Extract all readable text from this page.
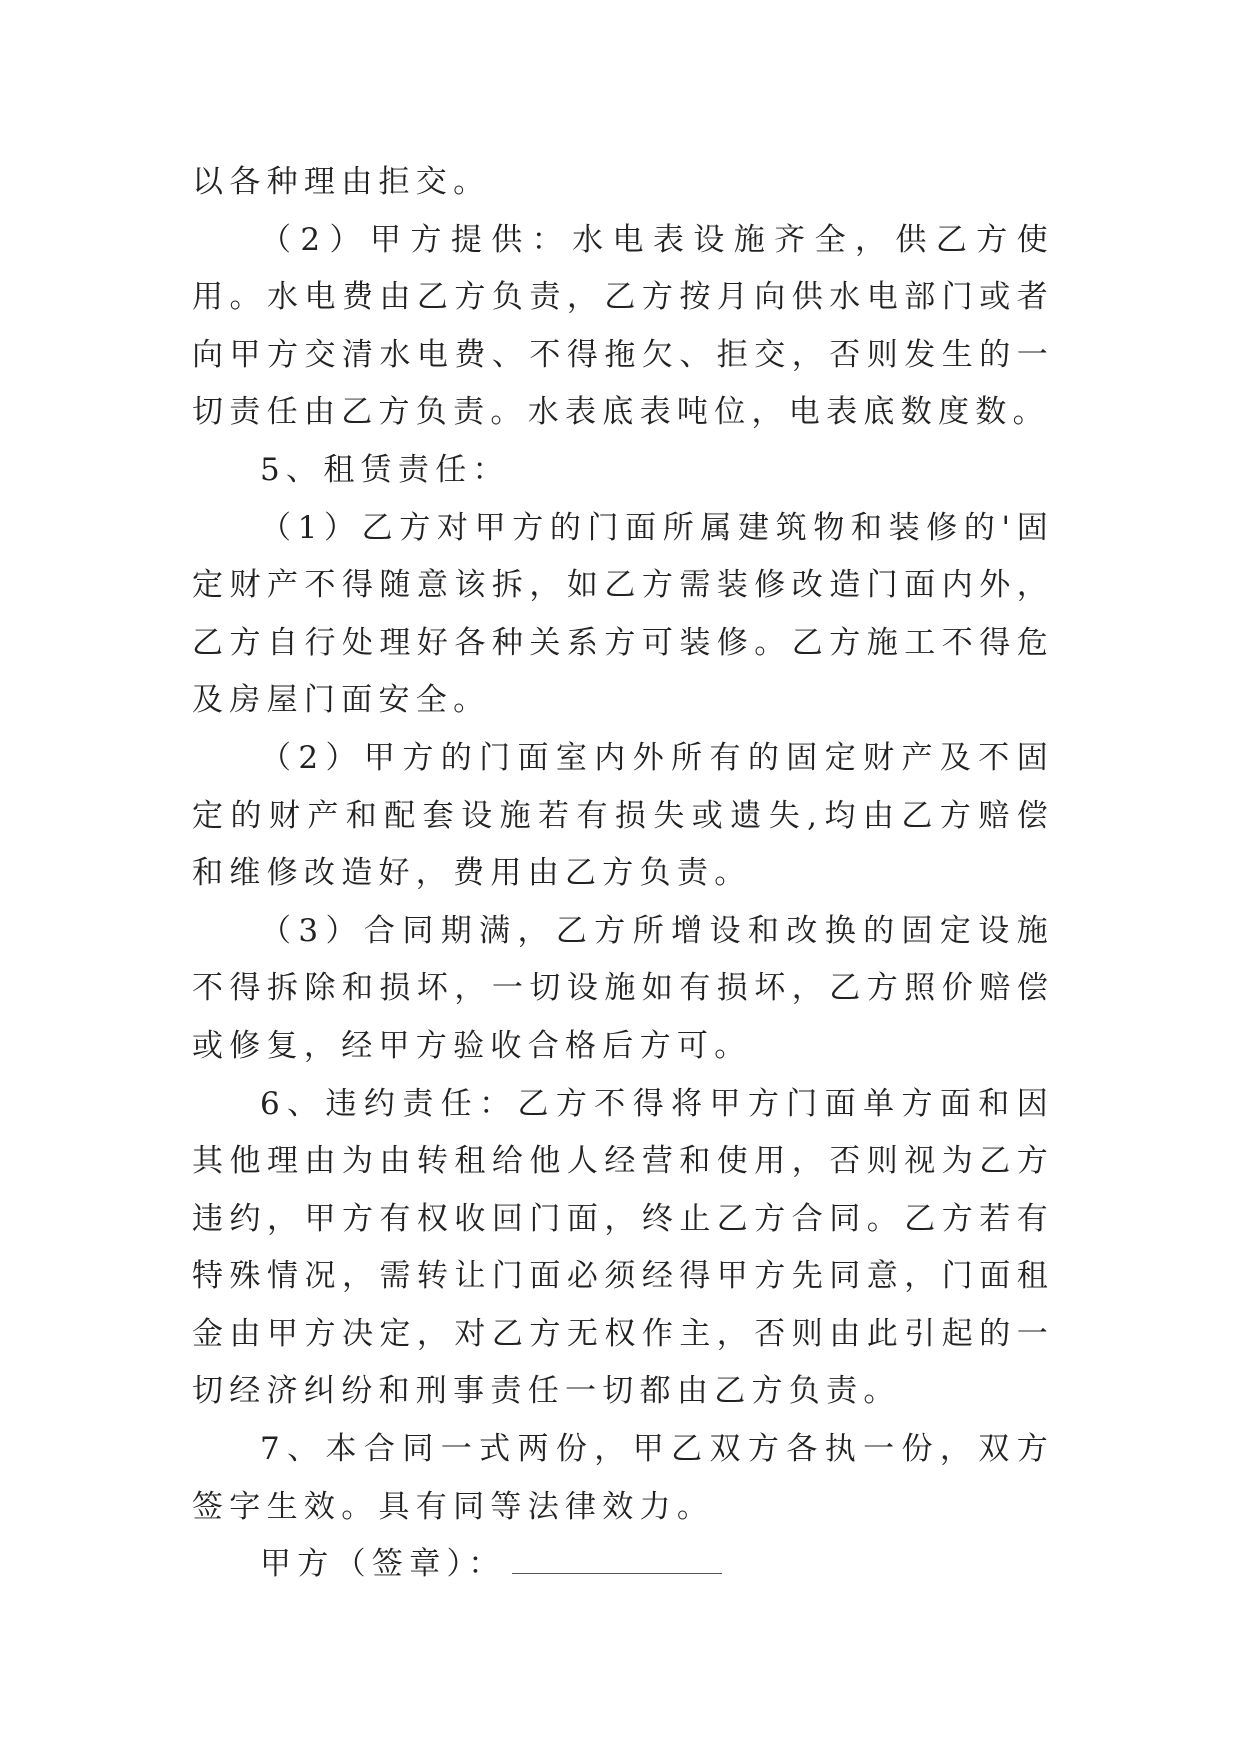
以各种理由拒交。

（2）甲方提供：水电表设施齐全，供乙方使用。水电费由乙方负责，乙方按月向供水电部门或者向甲方交清水电费、不得拖欠、拒交，否则发生的一切责任由乙方负责。水表底表吨位，电表底数度数。

5、租赁责任：

（1）乙方对甲方的门面所属建筑物和装修的'固定财产不得随意该拆，如乙方需装修改造门面内外，乙方自行处理好各种关系方可装修。乙方施工不得危及房屋门面安全。

（2）甲方的门面室内外所有的固定财产及不固定的财产和配套设施若有损失或遗失,均由乙方赔偿和维修改造好，费用由乙方负责。

（3）合同期满，乙方所增设和改换的固定设施不得拆除和损坏，一切设施如有损坏，乙方照价赔偿或修复，经甲方验收合格后方可。

6、违约责任：乙方不得将甲方门面单方面和因其他理由为由转租给他人经营和使用，否则视为乙方违约，甲方有权收回门面，终止乙方合同。乙方若有特殊情况，需转让门面必须经得甲方先同意，门面租金由甲方决定，对乙方无权作主，否则由此引起的一切经济纠纷和刑事责任一切都由乙方负责。

7、本合同一式两份，甲乙双方各执一份，双方签字生效。具有同等法律效力。

甲方（签章）：
